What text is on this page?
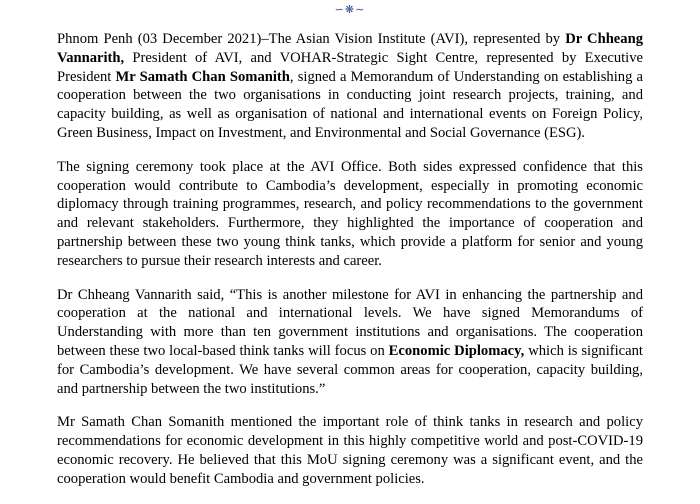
∽❋∼

Phnom Penh (03 December 2021)–The Asian Vision Institute (AVI), represented by Dr Chheang Vannarith, President of AVI, and VOHAR-Strategic Sight Centre, represented by Executive President Mr Samath Chan Somanith, signed a Memorandum of Understanding on establishing a cooperation between the two organisations in conducting joint research projects, training, and capacity building, as well as organisation of national and international events on Foreign Policy, Green Business, Impact on Investment, and Environmental and Social Governance (ESG).

The signing ceremony took place at the AVI Office. Both sides expressed confidence that this cooperation would contribute to Cambodia’s development, especially in promoting economic diplomacy through training programmes, research, and policy recommendations to the government and relevant stakeholders. Furthermore, they highlighted the importance of cooperation and partnership between these two young think tanks, which provide a platform for senior and young researchers to pursue their research interests and career.

Dr Chheang Vannarith said, “This is another milestone for AVI in enhancing the partnership and cooperation at the national and international levels. We have signed Memorandums of Understanding with more than ten government institutions and organisations. The cooperation between these two local-based think tanks will focus on Economic Diplomacy, which is significant for Cambodia’s development. We have several common areas for cooperation, capacity building, and partnership between the two institutions.”

Mr Samath Chan Somanith mentioned the important role of think tanks in research and policy recommendations for economic development in this highly competitive world and post-COVID-19 economic recovery. He believed that this MoU signing ceremony was a significant event, and the cooperation would benefit Cambodia and government policies.
